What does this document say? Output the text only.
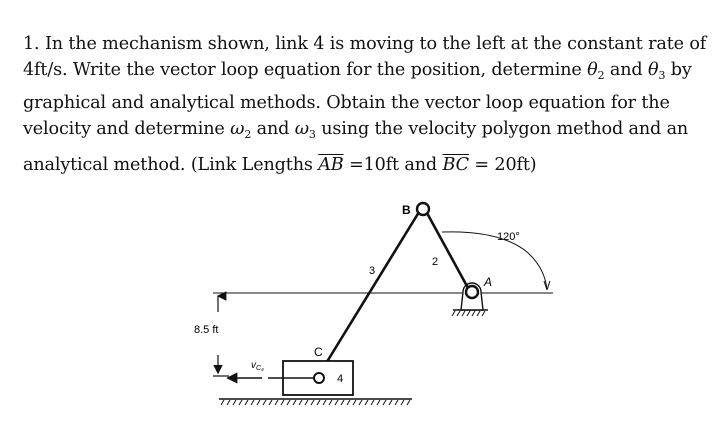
1. In the mechanism shown, link 4 is moving to the left at the constant rate of
4ft/s. Write the vector loop equation for the position, determine $\theta_2$ and $\theta_3$ by
graphical and analytical methods. Obtain the vector loop equation for the
velocity and determine $\omega_2$ and $\omega_3$ using the velocity polygon method and an
analytical method. (Link Lengths $\overline{AB} =10ft$ and $\overline{BC} = 20ft$)
B
A
C
2
3
4
120°
8.5 ft
$v_{C_4}$
